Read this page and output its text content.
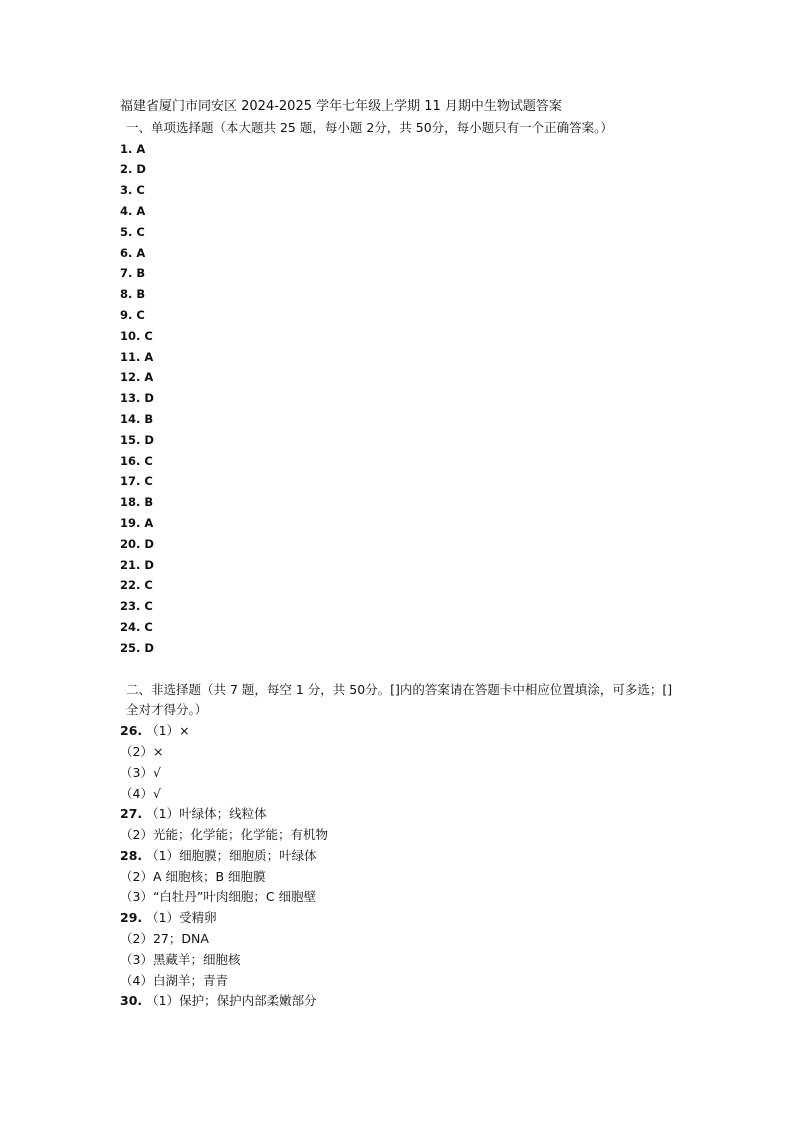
福建省厦门市同安区 2024-2025 学年七年级上学期 11 月期中生物试题答案
一、单项选择题（本大题共 25 题，每小题 2分，共 50分，每小题只有一个正确答案。）
1. A
2. D
3. C
4. A
5. C
6. A
7. B
8. B
9. C
10. C
11. A
12. A
13. D
14. B
15. D
16. C
17. C
18. B
19. A
20. D
21. D
22. C
23. C
24. C
25. D
二、非选择题（共 7 题，每空 1 分，共 50分。[]内的答案请在答题卡中相应位置填涂，可多选；[]全对才得分。）
26. （1）×
（2）×
（3）√
（4）√
27. （1）叶绿体；线粒体
（2）光能；化学能；化学能；有机物
28. （1）细胞膜；细胞质；叶绿体
（2）A 细胞核；B 细胞膜
（3）“白牡丹”叶肉细胞；C 细胞壁
29. （1）受精卵
（2）27；DNA
（3）黑藏羊；细胞核
（4）白湖羊；青青
30. （1）保护；保护内部柔嫩部分
